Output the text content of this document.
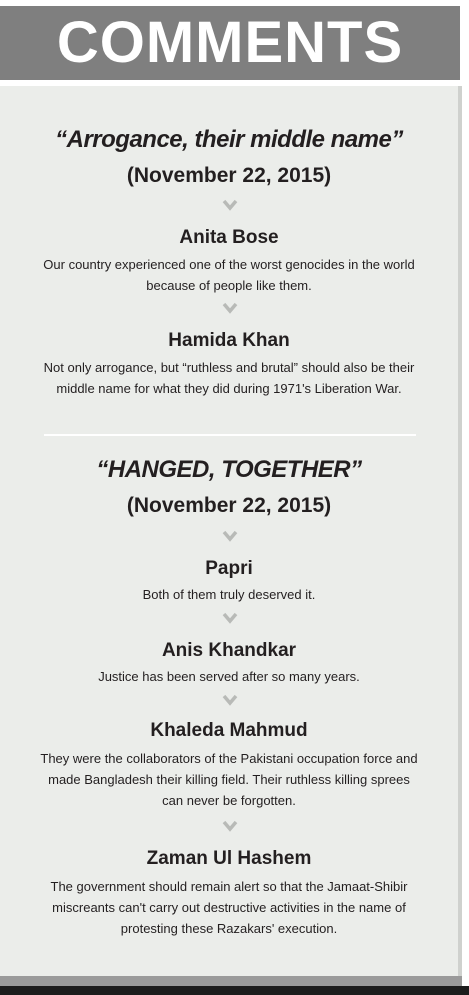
COMMENTS
“Arrogance, their middle name”
(November 22, 2015)
Anita Bose
Our country experienced one of the worst genocides in the world because of people like them.
Hamida Khan
Not only arrogance, but “ruthless and brutal” should also be their middle name for what they did during 1971's Liberation War.
“HANGED, TOGETHER”
(November 22, 2015)
Papri
Both of them truly deserved it.
Anis Khandkar
Justice has been served after so many years.
Khaleda Mahmud
They were the collaborators of the Pakistani occupation force and made Bangladesh their killing field. Their ruthless killing sprees can never be forgotten.
Zaman Ul Hashem
The government should remain alert so that the Jamaat-Shibir miscreants can't carry out destructive activities in the name of protesting these Razakars' execution.
